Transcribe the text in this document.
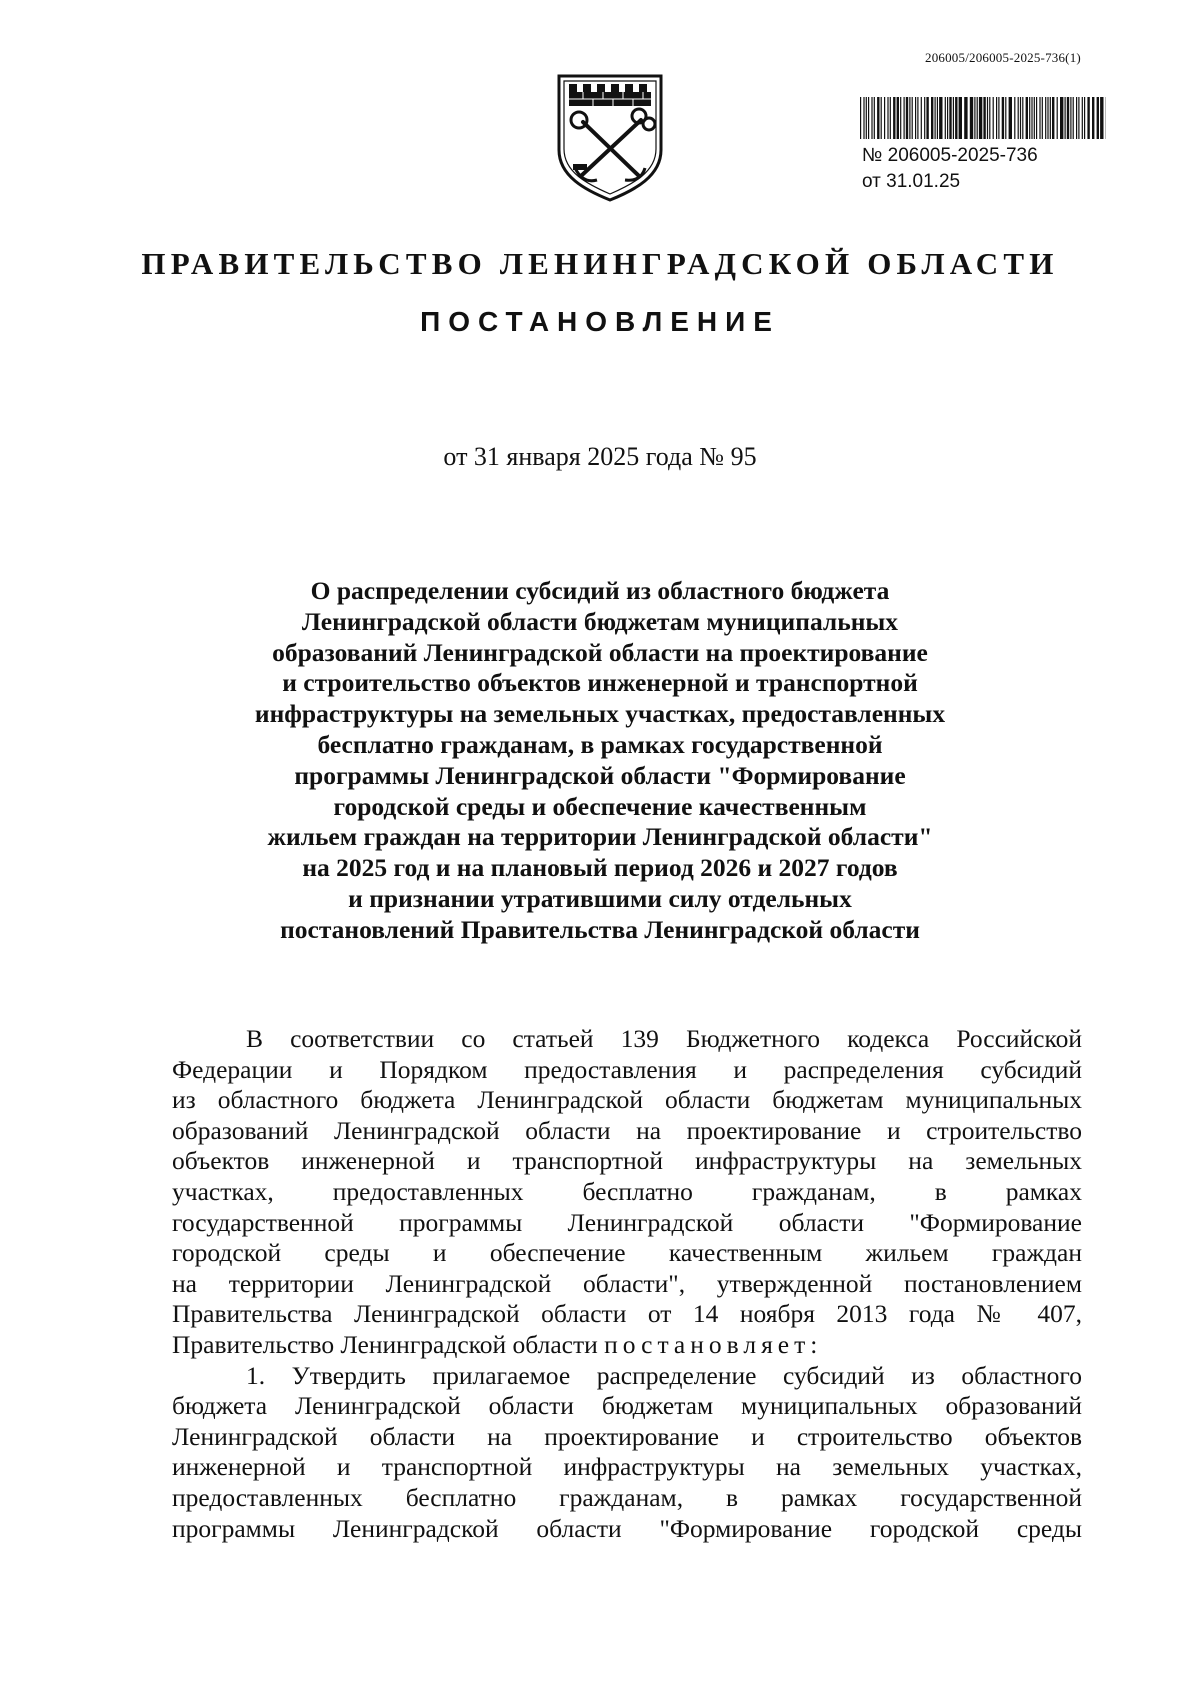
206005/206005-2025-736(1)
№ 206005-2025-736
от 31.01.25
ПРАВИТЕЛЬСТВО ЛЕНИНГРАДСКОЙ ОБЛАСТИ
ПОСТАНОВЛЕНИЕ
от 31 января 2025 года № 95
О распределении субсидий из областного бюджета
Ленинградской области бюджетам муниципальных
образований Ленинградской области на проектирование
и строительство объектов инженерной и транспортной
инфраструктуры на земельных участках, предоставленных
бесплатно гражданам, в рамках государственной
программы Ленинградской области "Формирование
городской среды и обеспечение качественным
жильем граждан на территории Ленинградской области"
на 2025 год и на плановый период 2026 и 2027 годов
и признании утратившими силу отдельных
постановлений Правительства Ленинградской области
В соответствии со статьей 139 Бюджетного кодекса Российской
Федерации и Порядком предоставления и распределения субсидий
из областного бюджета Ленинградской области бюджетам муниципальных
образований Ленинградской области на проектирование и строительство
объектов инженерной и транспортной инфраструктуры на земельных
участках, предоставленных бесплатно гражданам, в рамках
государственной программы Ленинградской области "Формирование
городской среды и обеспечение качественным жильем граждан
на территории Ленинградской области", утвержденной постановлением
Правительства Ленинградской области от 14 ноября 2013 года № 407,
Правительство Ленинградской области постановляет:
1. Утвердить прилагаемое распределение субсидий из областного
бюджета Ленинградской области бюджетам муниципальных образований
Ленинградской области на проектирование и строительство объектов
инженерной и транспортной инфраструктуры на земельных участках,
предоставленных бесплатно гражданам, в рамках государственной
программы Ленинградской области "Формирование городской среды
